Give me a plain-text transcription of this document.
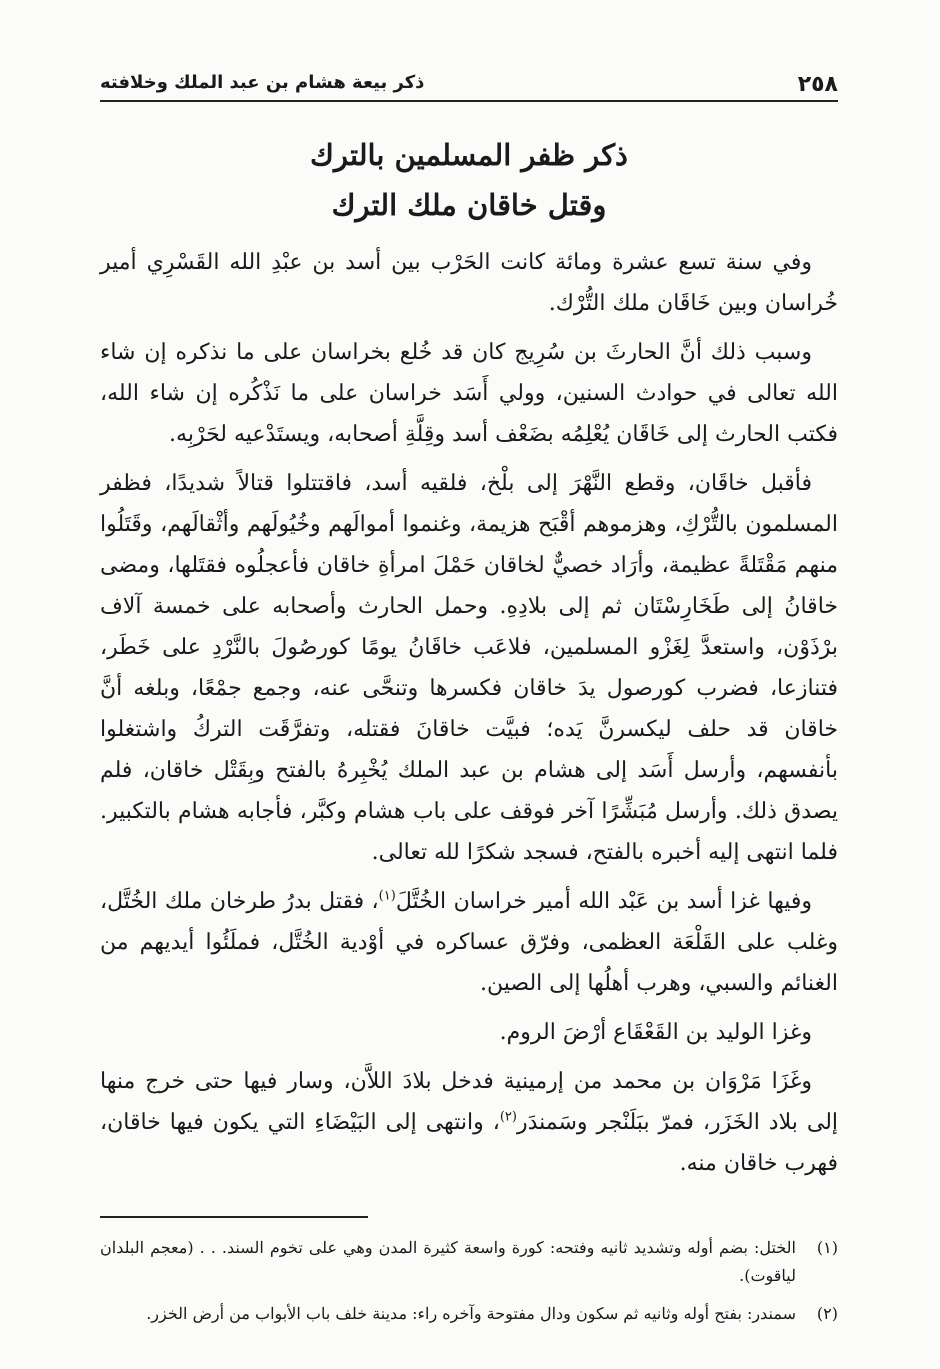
٢٥٨
ذكر بيعة هشام بن عبد الملك وخلافته
ذكر ظفر المسلمين بالترك
وقتل خاقان ملك الترك

وفي سنة تسع عشرة ومائة كانت الحَرْب بين أسد بن عبْدِ الله القَسْرِي أمير خُراسان وبين خَاقَان ملك التُّرْك.

وسبب ذلك أنَّ الحارثَ بن سُرِيج كان قد خُلع بخراسان على ما نذكره إن شاء الله تعالى في حوادث السنين، وولي أَسَد خراسان على ما نَذْكُره إن شاء الله، فكتب الحارث إلى خَاقَان يُعْلِمُه بضَعْف أسد وقِلَّةِ أصحابه، ويستَدْعيه لحَرْبِه.

فأقبل خاقَان، وقطع النَّهْرَ إلى بلْخ، فلقيه أسد، فاقتتلوا قتالاً شديدًا، فظفر المسلمون بالتُّرْكِ، وهزموهم أقْبَح هزيمة، وغنموا أموالَهم وخُيُولَهم وأثْقالَهم، وقَتَلُوا منهم مَقْتَلةً عظيمة، وأرَاد خصيٌّ لخاقان حَمْلَ امرأةِ خاقان فأعجلُوه فقتَلها، ومضى خاقانُ إلى طَخَارِسْتَان ثم إلى بلادِهِ. وحمل الحارث وأصحابه على خمسة آلاف برْذَوْن، واستعدَّ لِغَزْو المسلمين، فلاعَب خاقَانُ يومًا كورصُولَ بالنَّرْدِ على خَطَر، فتنازعا، فضرب كورصول يدَ خاقان فكسرها وتنحَّى عنه، وجمع جمْعًا، وبلغه أنَّ خاقان قد حلف ليكسرنَّ يَده؛ فبيَّت خاقانَ فقتله، وتفرَّقَت التركُ واشتغلوا بأنفسهم، وأرسل أَسَد إلى هشام بن عبد الملك يُخْبِرهُ بالفتح وبِقَتْل خاقان، فلم يصدق ذلك. وأرسل مُبَشِّرًا آخر فوقف على باب هشام وكبَّر، فأجابه هشام بالتكبير. فلما انتهى إليه أخبره بالفتح، فسجد شكرًا لله تعالى.

وفيها غزا أسد بن عَبْد الله أمير خراسان الخُتَّلَ$^{(١)}$، فقتل بدرُ طرخان ملك الخُتَّل، وغلب على القَلْعَة العظمى، وفرّق عساكره في أوْدية الخُتَّل، فملَئُوا أيديهم من الغنائم والسبي، وهرب أهلُها إلى الصين.

وغزا الوليد بن القَعْقَاع أرْضَ الروم.

وغَزَا مَرْوَان بن محمد من إرمينية فدخل بلادَ اللاَّن، وسار فيها حتى خرج منها إلى بلاد الخَزَر، فمرّ ببَلَنْجر وسَمندَر$^{(٢)}$، وانتهى إلى البَيْضَاءِ التي يكون فيها خاقان، فهرب خاقان منه.

(١)
الختل: بضم أوله وتشديد ثانيه وفتحه: كورة واسعة كثيرة المدن وهي على تخوم السند. . . (معجم البلدان لياقوت).
(٢)
سمندر: بفتح أوله وثانيه ثم سكون ودال مفتوحة وآخره راء: مدينة خلف باب الأبواب من أرض الخزر.
